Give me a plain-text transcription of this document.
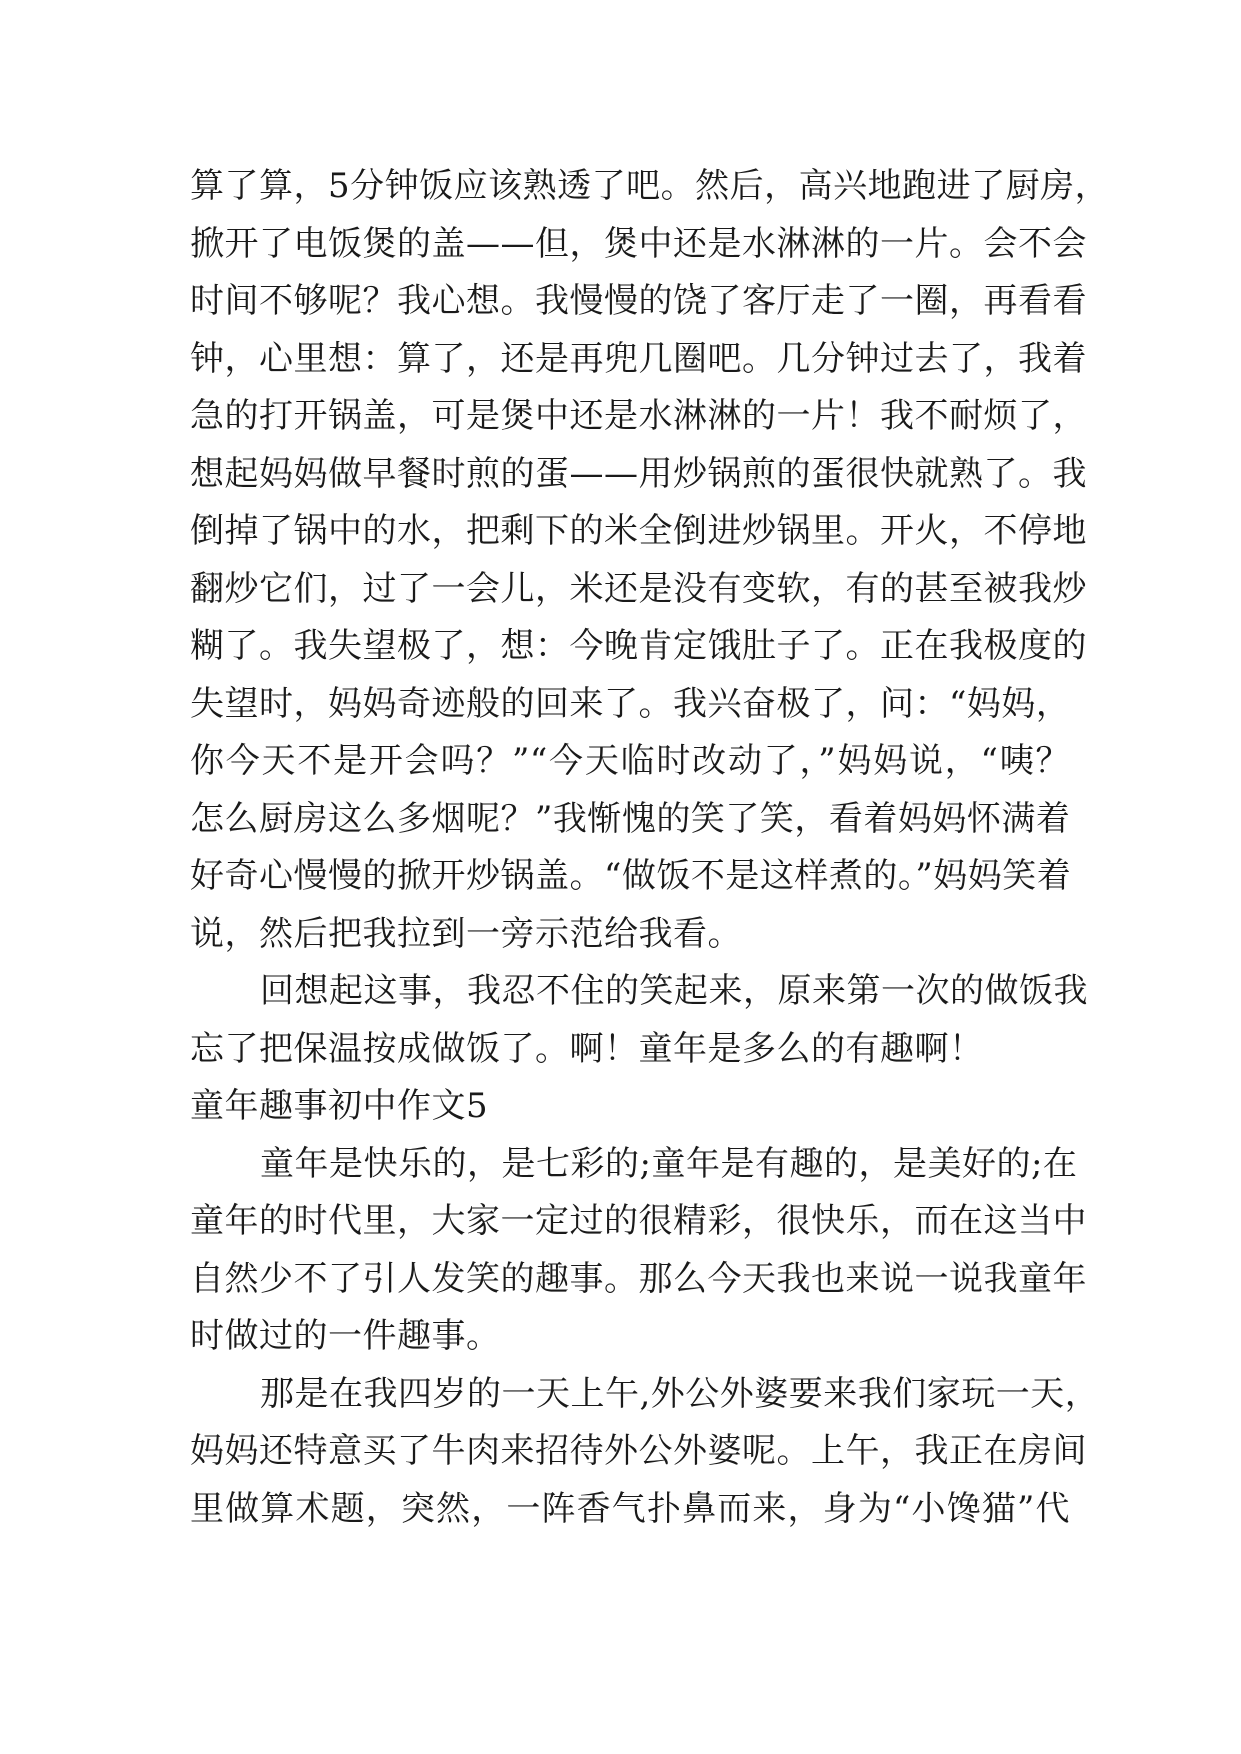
算了算，5分钟饭应该熟透了吧。然后，高兴地跑进了厨房，
掀开了电饭煲的盖——但，煲中还是水淋淋的一片。会不会
时间不够呢？我心想。我慢慢的饶了客厅走了一圈，再看看
钟，心里想：算了，还是再兜几圈吧。几分钟过去了，我着
急的打开锅盖，可是煲中还是水淋淋的一片！我不耐烦了，
想起妈妈做早餐时煎的蛋——用炒锅煎的蛋很快就熟了。我
倒掉了锅中的水，把剩下的米全倒进炒锅里。开火，不停地
翻炒它们，过了一会儿，米还是没有变软，有的甚至被我炒
糊了。我失望极了，想：今晚肯定饿肚子了。正在我极度的
失望时，妈妈奇迹般的回来了。我兴奋极了，问：“妈妈，
你今天不是开会吗？”“今天临时改动了，”妈妈说，“咦？
怎么厨房这么多烟呢？”我惭愧的笑了笑，看着妈妈怀满着
好奇心慢慢的掀开炒锅盖。“做饭不是这样煮的。”妈妈笑着
说，然后把我拉到一旁示范给我看。
回想起这事，我忍不住的笑起来，原来第一次的做饭我
忘了把保温按成做饭了。啊！童年是多么的有趣啊！
童年趣事初中作文5
童年是快乐的，是七彩的;童年是有趣的，是美好的;在
童年的时代里，大家一定过的很精彩，很快乐，而在这当中
自然少不了引人发笑的趣事。那么今天我也来说一说我童年
时做过的一件趣事。
那是在我四岁的一天上午,外公外婆要来我们家玩一天，
妈妈还特意买了牛肉来招待外公外婆呢。上午，我正在房间
里做算术题，突然，一阵香气扑鼻而来，身为“小馋猫”代
